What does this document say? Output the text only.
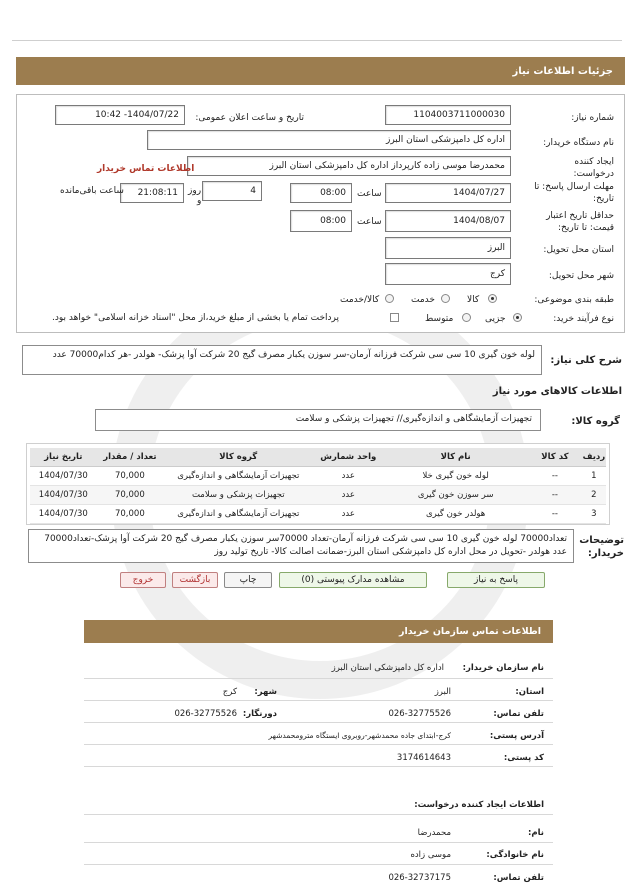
جزئیات اطلاعات نیاز
شماره نیاز:
1104003711000030
تاریخ و ساعت اعلان عمومی:
1404/07/22- 10:42
نام دستگاه خریدار:
اداره کل دامپزشکی استان البرز
ایجاد کننده درخواست:
محمدرضا موسی زاده کارپرداز اداره کل دامپزشکی استان البرز
اطلاعات تماس خریدار
مهلت ارسال پاسخ: تا تاریخ:
1404/07/27
ساعت
08:00
4
روز
و
21:08:11
ساعت باقی‌مانده
حداقل تاریخ اعتبار قیمت: تا تاریخ:
1404/08/07
ساعت
08:00
استان محل تحویل:
البرز
شهر محل تحویل:
کرج
طبقه بندی موضوعی:
کالا
خدمت
کالا/خدمت
نوع فرآیند خرید:
جزیی
متوسط
پرداخت تمام یا بخشی از مبلغ خرید،از محل "اسناد خزانه اسلامی" خواهد بود.
شرح کلی نیاز:
لوله خون گیری 10 سی سی شرکت فرزانه آرمان-سر سوزن یکبار مصرف گیج 20 شرکت آوا پزشک- هولدر -هر کدام70000 عدد
اطلاعات کالاهای مورد نیاز
گروه کالا:
تجهیزات آزمایشگاهی و اندازه‌گیری// تجهیزات پزشکی و سلامت
ردیف	کد کالا	نام کالا	واحد شمارش	گروه کالا	تعداد / مقدار	تاریخ نیاز
1	--	لوله خون گیری خلا	عدد	تجهیزات آزمایشگاهی و اندازه‌گیری	70,000	1404/07/30
2	--	سر سوزن خون گیری	عدد	تجهیزات پزشکی و سلامت	70,000	1404/07/30
3	--	هولدر خون گیری	عدد	تجهیزات آزمایشگاهی و اندازه‌گیری	70,000	1404/07/30
توضیحات خریدار:
تعداد70000 لوله خون گیری 10 سی سی شرکت فرزانه آرمان-تعداد 70000سر سوزن یکبار مصرف گیج 20 شرکت آوا پزشک-تعداد70000 عدد هولدر -تحویل در محل اداره کل دامپزشکی استان البرز-ضمانت اصالت کالا- تاریخ تولید روز
پاسخ به نیاز
مشاهده مدارک پیوستی (0)
چاپ
بازگشت
خروج
اطلاعات تماس سازمان خریدار
نام سازمان خریدار:
اداره کل دامپزشکی استان البرز
استان:
البرز
شهر:
کرج
تلفن تماس:
026-32775526
دورنگار:
026-32775526
آدرس پستی:
کرج-ابتدای جاده محمدشهر-روبروی ایستگاه مترومحمدشهر
کد پستی:
3174614643
اطلاعات ایجاد کننده درخواست:
نام:
محمدرضا
نام خانوادگی:
موسی زاده
تلفن تماس:
026-32737175
